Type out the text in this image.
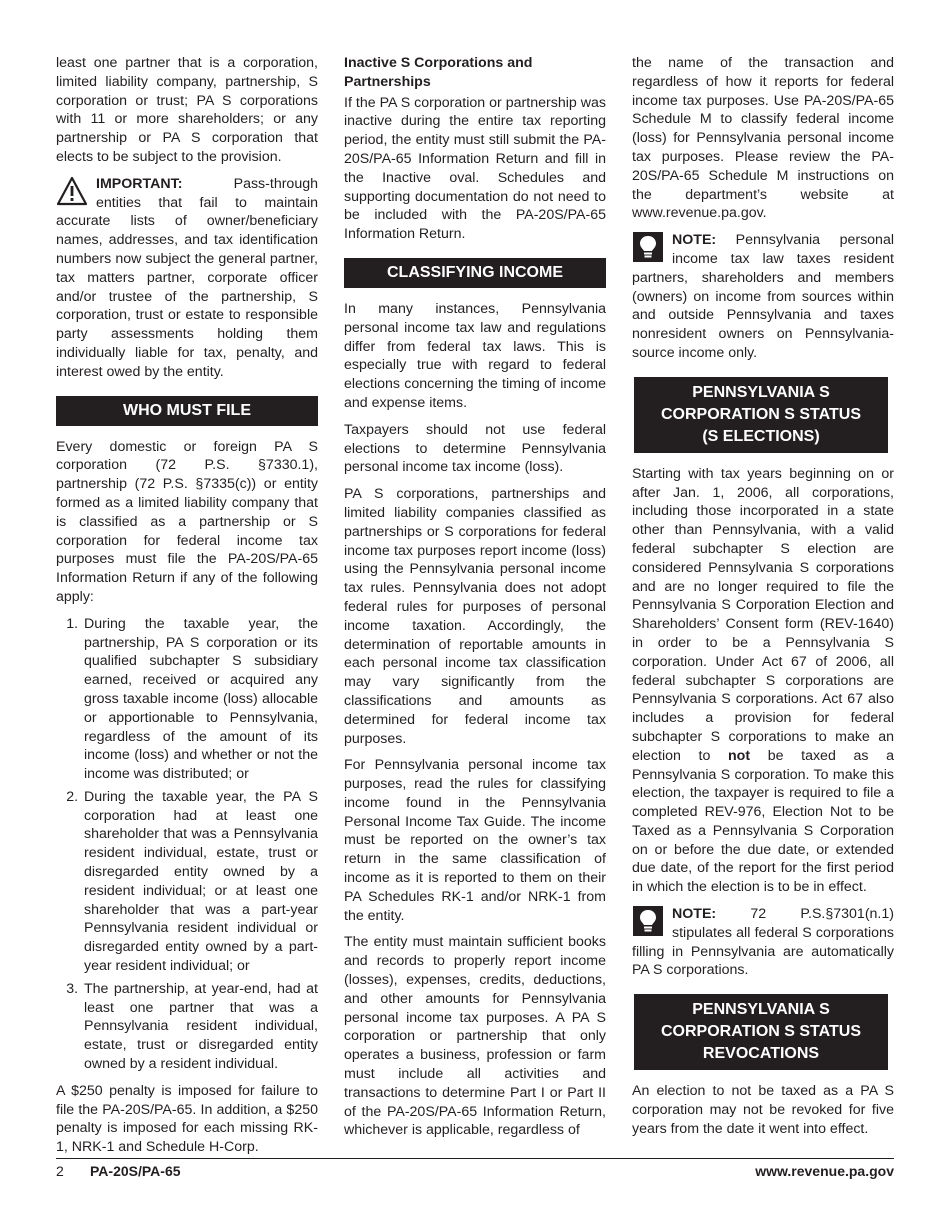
least one partner that is a corporation, limited liability company, partnership, S corporation or trust; PA S corporations with 11 or more shareholders; or any partnership or PA S corporation that elects to be subject to the provision.

IMPORTANT: Pass-through entities that fail to maintain accurate lists of owner/beneficiary names, addresses, and tax identification numbers now subject the general partner, tax matters partner, corporate officer and/or trustee of the partnership, S corporation, trust or estate to responsible party assessments holding them individually liable for tax, penalty, and interest owed by the entity.
WHO MUST FILE

Every domestic or foreign PA S corporation (72 P.S. §7330.1), partnership (72 P.S. §7335(c)) or entity formed as a limited liability company that is classified as a partnership or S corporation for federal income tax purposes must file the PA-20S/PA-65 Information Return if any of the following apply:

1. During the taxable year, the partnership, PA S corporation or its qualified subchapter S subsidiary earned, received or acquired any gross taxable income (loss) allocable or apportionable to Pennsylvania, regardless of the amount of its income (loss) and whether or not the income was distributed; or
2. During the taxable year, the PA S corporation had at least one shareholder that was a Pennsylvania resident individual, estate, trust or disregarded entity owned by a resident individual; or at least one shareholder that was a part-year Pennsylvania resident individual or disregarded entity owned by a part-year resident individual; or
3. The partnership, at year-end, had at least one partner that was a Pennsylvania resident individual, estate, trust or disregarded entity owned by a resident individual.

A $250 penalty is imposed for failure to file the PA-20S/PA-65. In addition, a $250 penalty is imposed for each missing RK-1, NRK-1 and Schedule H-Corp.

Inactive S Corporations and Partnerships

If the PA S corporation or partnership was inactive during the entire tax reporting period, the entity must still submit the PA-20S/PA-65 Information Return and fill in the Inactive oval. Schedules and supporting documentation do not need to be included with the PA-20S/PA-65 Information Return.

CLASSIFYING INCOME

In many instances, Pennsylvania personal income tax law and regulations differ from federal tax laws. This is especially true with regard to federal elections concerning the timing of income and expense items.

Taxpayers should not use federal elections to determine Pennsylvania personal income tax income (loss).

PA S corporations, partnerships and limited liability companies classified as partnerships or S corporations for federal income tax purposes report income (loss) using the Pennsylvania personal income tax rules. Pennsylvania does not adopt federal rules for purposes of personal income taxation. Accordingly, the determination of reportable amounts in each personal income tax classification may vary significantly from the classifications and amounts as determined for federal income tax purposes.

For Pennsylvania personal income tax purposes, read the rules for classifying income found in the Pennsylvania Personal Income Tax Guide. The income must be reported on the owner’s tax return in the same classification of income as it is reported to them on their PA Schedules RK-1 and/or NRK-1 from the entity.

The entity must maintain sufficient books and records to properly report income (losses), expenses, credits, deductions, and other amounts for Pennsylvania personal income tax purposes. A PA S corporation or partnership that only operates a business, profession or farm must include all activities and transactions to determine Part I or Part II of the PA-20S/PA-65 Information Return, whichever is applicable, regardless of

the name of the transaction and regardless of how it reports for federal income tax purposes. Use PA-20S/PA-65 Schedule M to classify federal income (loss) for Pennsylvania personal income tax purposes. Please review the PA-20S/PA-65 Schedule M instructions on the department’s website at www.revenue.pa.gov.

NOTE: Pennsylvania personal income tax law taxes resident partners, shareholders and members (owners) on income from sources within and outside Pennsylvania and taxes nonresident owners on Pennsylvania-source income only.
PENNSYLVANIA S
CORPORATION S STATUS
(S ELECTIONS)

Starting with tax years beginning on or after Jan. 1, 2006, all corporations, including those incorporated in a state other than Pennsylvania, with a valid federal subchapter S election are considered Pennsylvania S corporations and are no longer required to file the Pennsylvania S Corporation Election and Shareholders’ Consent form (REV-1640) in order to be a Pennsylvania S corporation. Under Act 67 of 2006, all federal subchapter S corporations are Pennsylvania S corporations. Act 67 also includes a provision for federal subchapter S corporations to make an election to not be taxed as a Pennsylvania S corporation. To make this election, the taxpayer is required to file a completed REV-976, Election Not to be Taxed as a Pennsylvania S Corporation on or before the due date, or extended due date, of the report for the first period in which the election is to be in effect.

NOTE: 72 P.S.§7301(n.1) stipulates all federal S corporations filling in Pennsylvania are automatically PA S corporations.
PENNSYLVANIA S
CORPORATION S STATUS
REVOCATIONS

An election to not be taxed as a PA S corporation may not be revoked for five years from the date it went into effect.

2 PA-20S/PA-65	www.revenue.pa.gov
